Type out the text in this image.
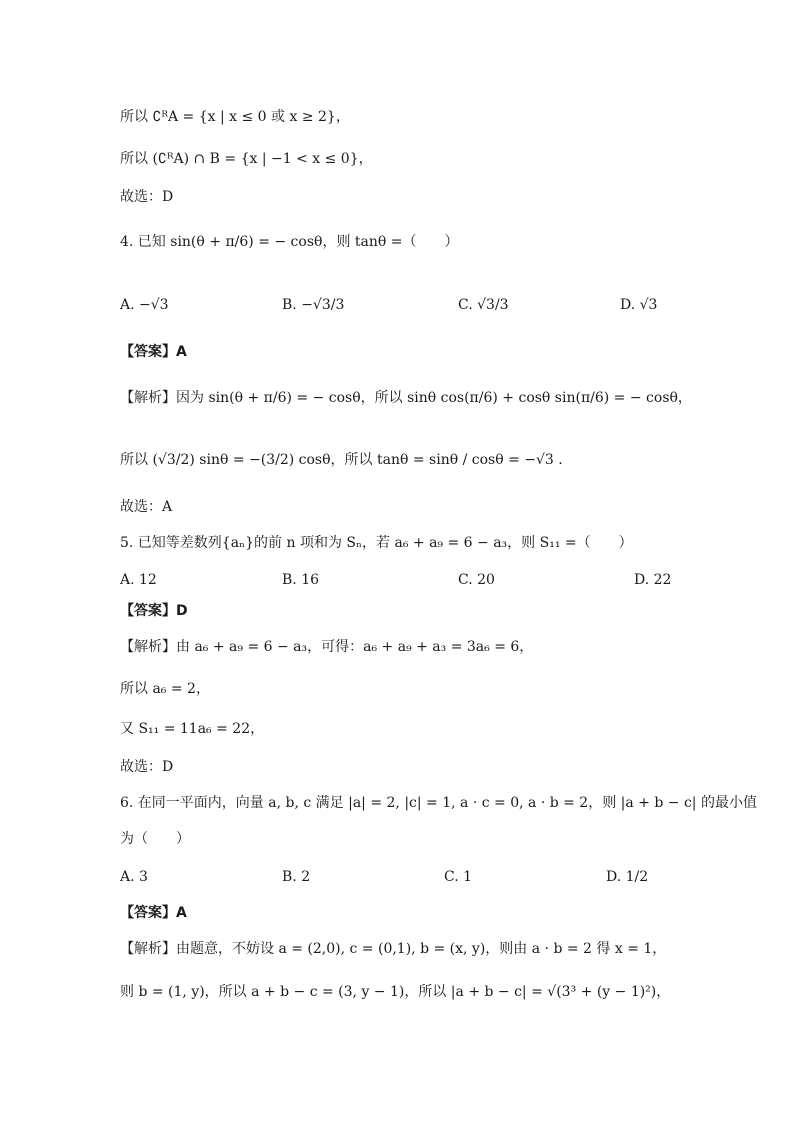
所以 ∁ᴿA = {x | x ≤ 0 或 x ≥ 2}，
所以 (∁ᴿA) ∩ B = {x | −1 < x ≤ 0}，
故选：D
4. 已知 sin(θ + π/6) = − cosθ，则 tanθ =（　　）
A. −√3	B. −√3/3	C. √3/3	D. √3
【答案】A
【解析】因为 sin(θ + π/6) = − cosθ，所以 sinθ cos(π/6) + cosθ sin(π/6) = − cosθ，
所以 (√3/2) sinθ = −(3/2) cosθ，所以 tanθ = sinθ / cosθ = −√3 .
故选：A
5. 已知等差数列{aₙ}的前 n 项和为 Sₙ，若 a₆ + a₉ = 6 − a₃，则 S₁₁ =（　　）
A. 12	B. 16	C. 20	D. 22
【答案】D
【解析】由 a₆ + a₉ = 6 − a₃，可得：a₆ + a₉ + a₃ = 3a₆ = 6，
所以 a₆ = 2，
又 S₁₁ = 11a₆ = 22，
故选：D
6. 在同一平面内，向量 a, b, c 满足 |a| = 2, |c| = 1, a · c = 0, a · b = 2，则 |a + b − c| 的最小值
为（　　）
A. 3	B. 2	C. 1	D. 1/2
【答案】A
【解析】由题意，不妨设 a = (2,0), c = (0,1), b = (x, y)，则由 a · b = 2 得 x = 1，
则 b = (1, y)，所以 a + b − c = (3, y − 1)，所以 |a + b − c| = √(3³ + (y − 1)²)，
